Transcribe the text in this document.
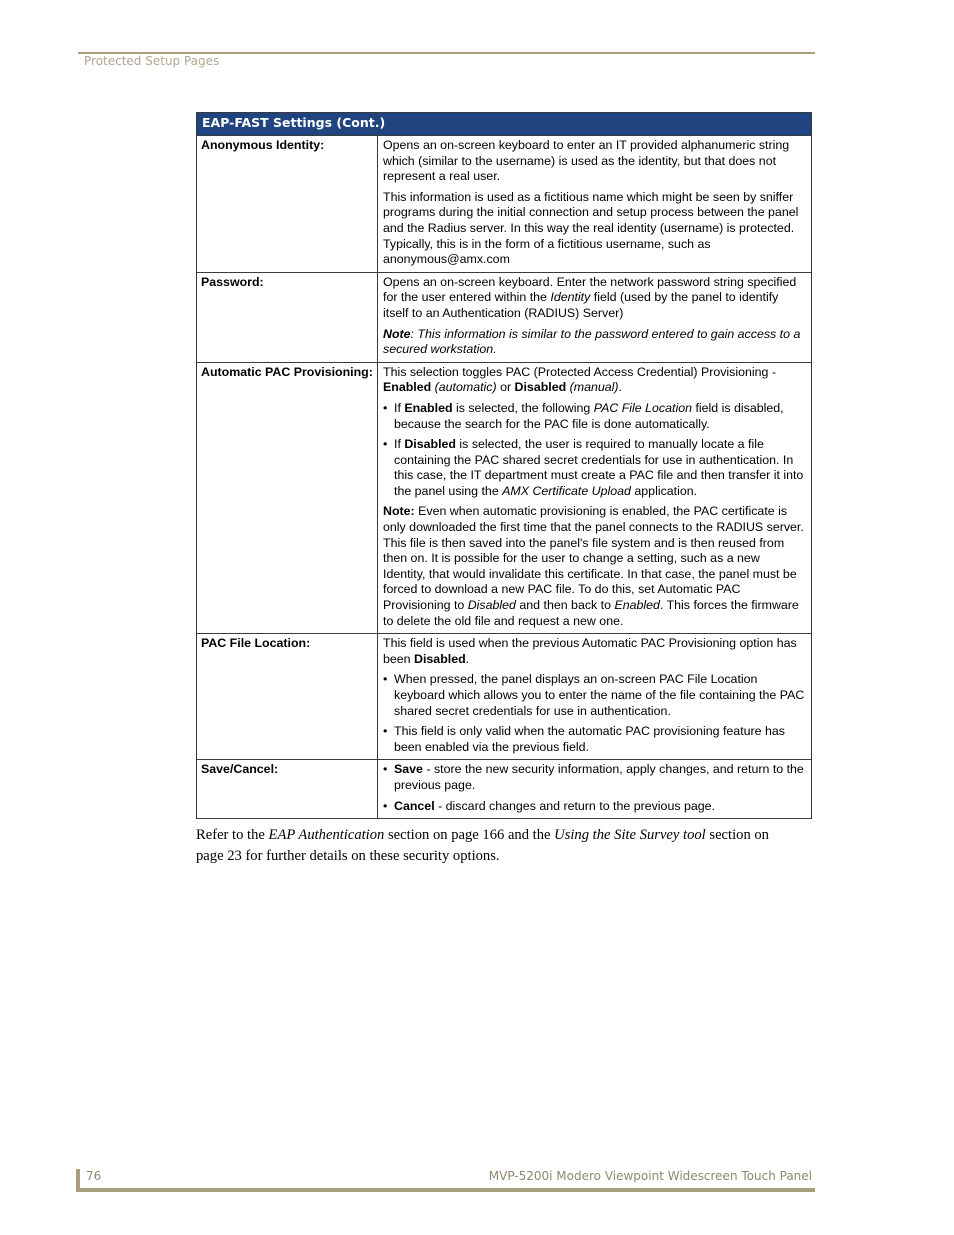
Protected Setup Pages
EAP-FAST Settings (Cont.)	
Anonymous Identity:	Opens an on-screen keyboard to enter an IT provided alphanumeric string which (similar to the username) is used as the identity, but that does not represent a real user.

This information is used as a fictitious name which might be seen by sniffer programs during the initial connection and setup process between the panel and the Radius server. In this way the real identity (username) is protected. Typically, this is in the form of a fictitious username, such as anonymous@amx.com

Password:	Opens an on-screen keyboard. Enter the network password string specified for the user entered within the Identity field (used by the panel to identify itself to an Authentication (RADIUS) Server)

Note: This information is similar to the password entered to gain access to a secured workstation.

Automatic PAC Provisioning:	This selection toggles PAC (Protected Access Credential) Provisioning - Enabled (automatic) or Disabled (manual).

• If Enabled is selected, the following PAC File Location field is disabled, because the search for the PAC file is done automatically.

• If Disabled is selected, the user is required to manually locate a file containing the PAC shared secret credentials for use in authentication. In this case, the IT department must create a PAC file and then transfer it into the panel using the AMX Certificate Upload application.

Note: Even when automatic provisioning is enabled, the PAC certificate is only downloaded the first time that the panel connects to the RADIUS server. This file is then saved into the panel's file system and is then reused from then on. It is possible for the user to change a setting, such as a new Identity, that would invalidate this certificate. In that case, the panel must be forced to download a new PAC file. To do this, set Automatic PAC Provisioning to Disabled and then back to Enabled. This forces the firmware to delete the old file and request a new one.

PAC File Location:	This field is used when the previous Automatic PAC Provisioning option has been Disabled.

• When pressed, the panel displays an on-screen PAC File Location keyboard which allows you to enter the name of the file containing the PAC shared secret credentials for use in authentication.

• This field is only valid when the automatic PAC provisioning feature has been enabled via the previous field.

Save/Cancel:	• Save - store the new security information, apply changes, and return to the previous page.

• Cancel - discard changes and return to the previous page.

Refer to the EAP Authentication section on page 166 and the Using the Site Survey tool section on page 23 for further details on these security options.
76	MVP-5200i Modero Viewpoint Widescreen Touch Panel
